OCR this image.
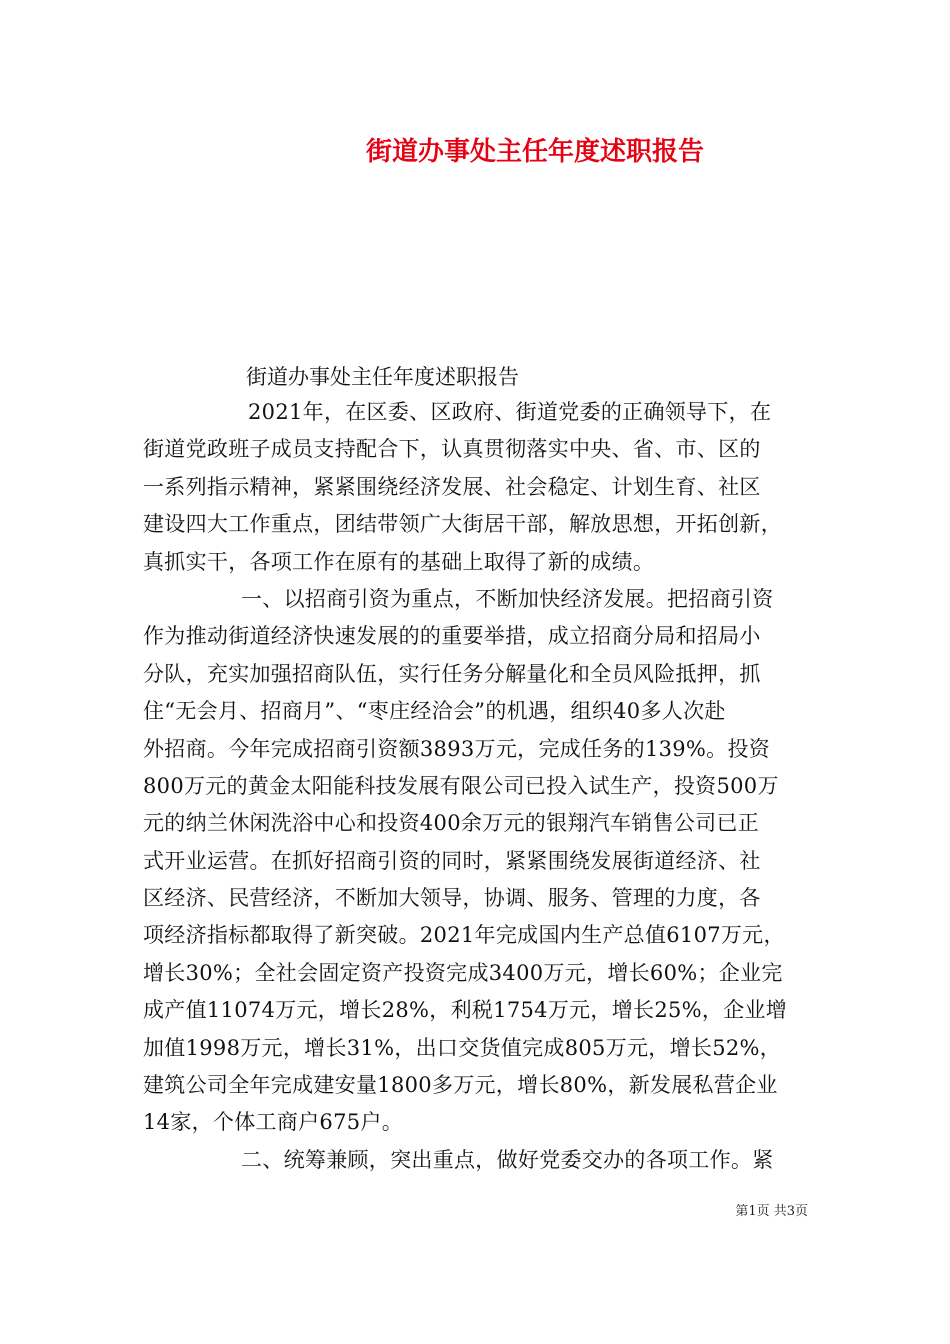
街道办事处主任年度述职报告

街道办事处主任年度述职报告

2021年，在区委、区政府、街道党委的正确领导下，在

街道党政班子成员支持配合下，认真贯彻落实中央、省、市、区的

一系列指示精神，紧紧围绕经济发展、社会稳定、计划生育、社区

建设四大工作重点，团结带领广大街居干部，解放思想，开拓创新，

真抓实干，各项工作在原有的基础上取得了新的成绩。

一、以招商引资为重点，不断加快经济发展。把招商引资

作为推动街道经济快速发展的的重要举措，成立招商分局和招局小

分队，充实加强招商队伍，实行任务分解量化和全员风险抵押，抓

住“无会月、招商月”、“枣庄经洽会”的机遇，组织40多人次赴

外招商。今年完成招商引资额3893万元，完成任务的139%。投资

800万元的黄金太阳能科技发展有限公司已投入试生产，投资500万

元的纳兰休闲洗浴中心和投资400余万元的银翔汽车销售公司已正

式开业运营。在抓好招商引资的同时，紧紧围绕发展街道经济、社

区经济、民营经济，不断加大领导，协调、服务、管理的力度，各

项经济指标都取得了新突破。2021年完成国内生产总值6107万元，

增长30%；全社会固定资产投资完成3400万元，增长60%；企业完

成产值11074万元，增长28%，利税1754万元，增长25%，企业增

加值1998万元，增长31%，出口交货值完成805万元，增长52%，

建筑公司全年完成建安量1800多万元，增长80%，新发展私营企业

14家，个体工商户675户。

二、统筹兼顾，突出重点，做好党委交办的各项工作。紧

第1页 共3页
